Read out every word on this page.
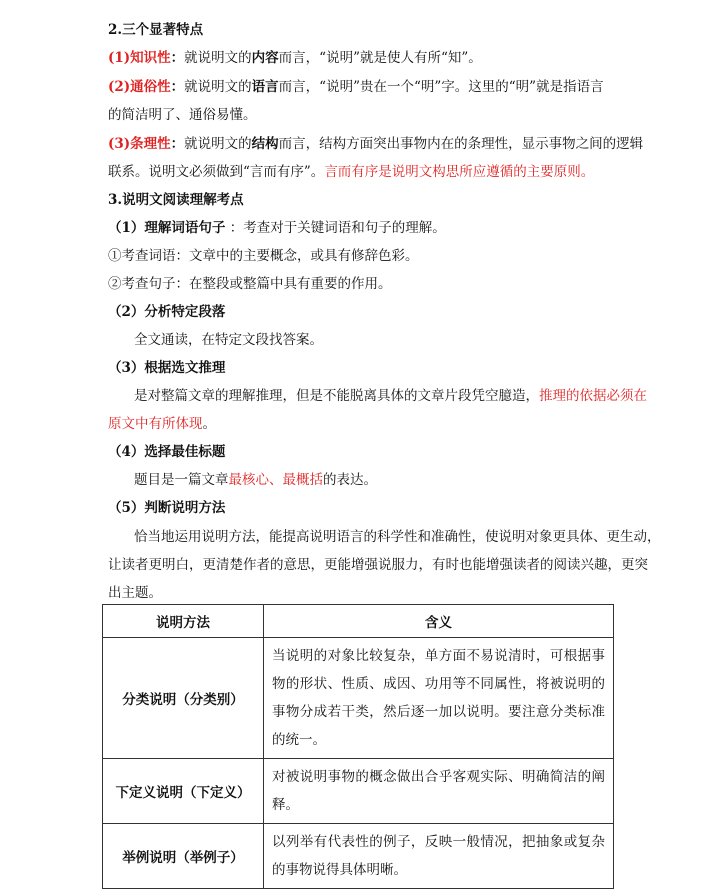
2.三个显著特点
(1)知识性：就说明文的内容而言，“说明”就是使人有所“知”。
(2)通俗性：就说明文的语言而言，“说明”贵在一个“明”字。这里的“明”就是指语言
的简洁明了、通俗易懂。
(3)条理性：就说明文的结构而言，结构方面突出事物内在的条理性，显示事物之间的逻辑
联系。说明文必须做到“言而有序”。言而有序是说明文构思所应遵循的主要原则。
3.说明文阅读理解考点
（1）理解词语句子 ：考查对于关键词语和句子的理解。
①考查词语：文章中的主要概念，或具有修辞色彩。
②考查句子：在整段或整篇中具有重要的作用。
（2）分析特定段落
全文通读，在特定文段找答案。
（3）根据选文推理
是对整篇文章的理解推理，但是不能脱离具体的文章片段凭空臆造，推理的依据必须在
原文中有所体现。
（4）选择最佳标题
题目是一篇文章最核心、最概括的表达。
（5）判断说明方法
恰当地运用说明方法，能提高说明语言的科学性和准确性，使说明对象更具体、更生动，
让读者更明白，更清楚作者的意思，更能增强说服力，有时也能增强读者的阅读兴趣，更突
出主题。
说明方法	含义
分类说明（分类别）	当说明的对象比较复杂，单方面不易说清时，可根据事物的形状、性质、成因、功用等不同属性，将被说明的事物分成若干类，然后逐一加以说明。要注意分类标准的统一。
下定义说明（下定义）	对被说明事物的概念做出合乎客观实际、明确简洁的阐释。
举例说明（举例子）	以列举有代表性的例子，反映一般情况，把抽象或复杂的事物说得具体明晰。
